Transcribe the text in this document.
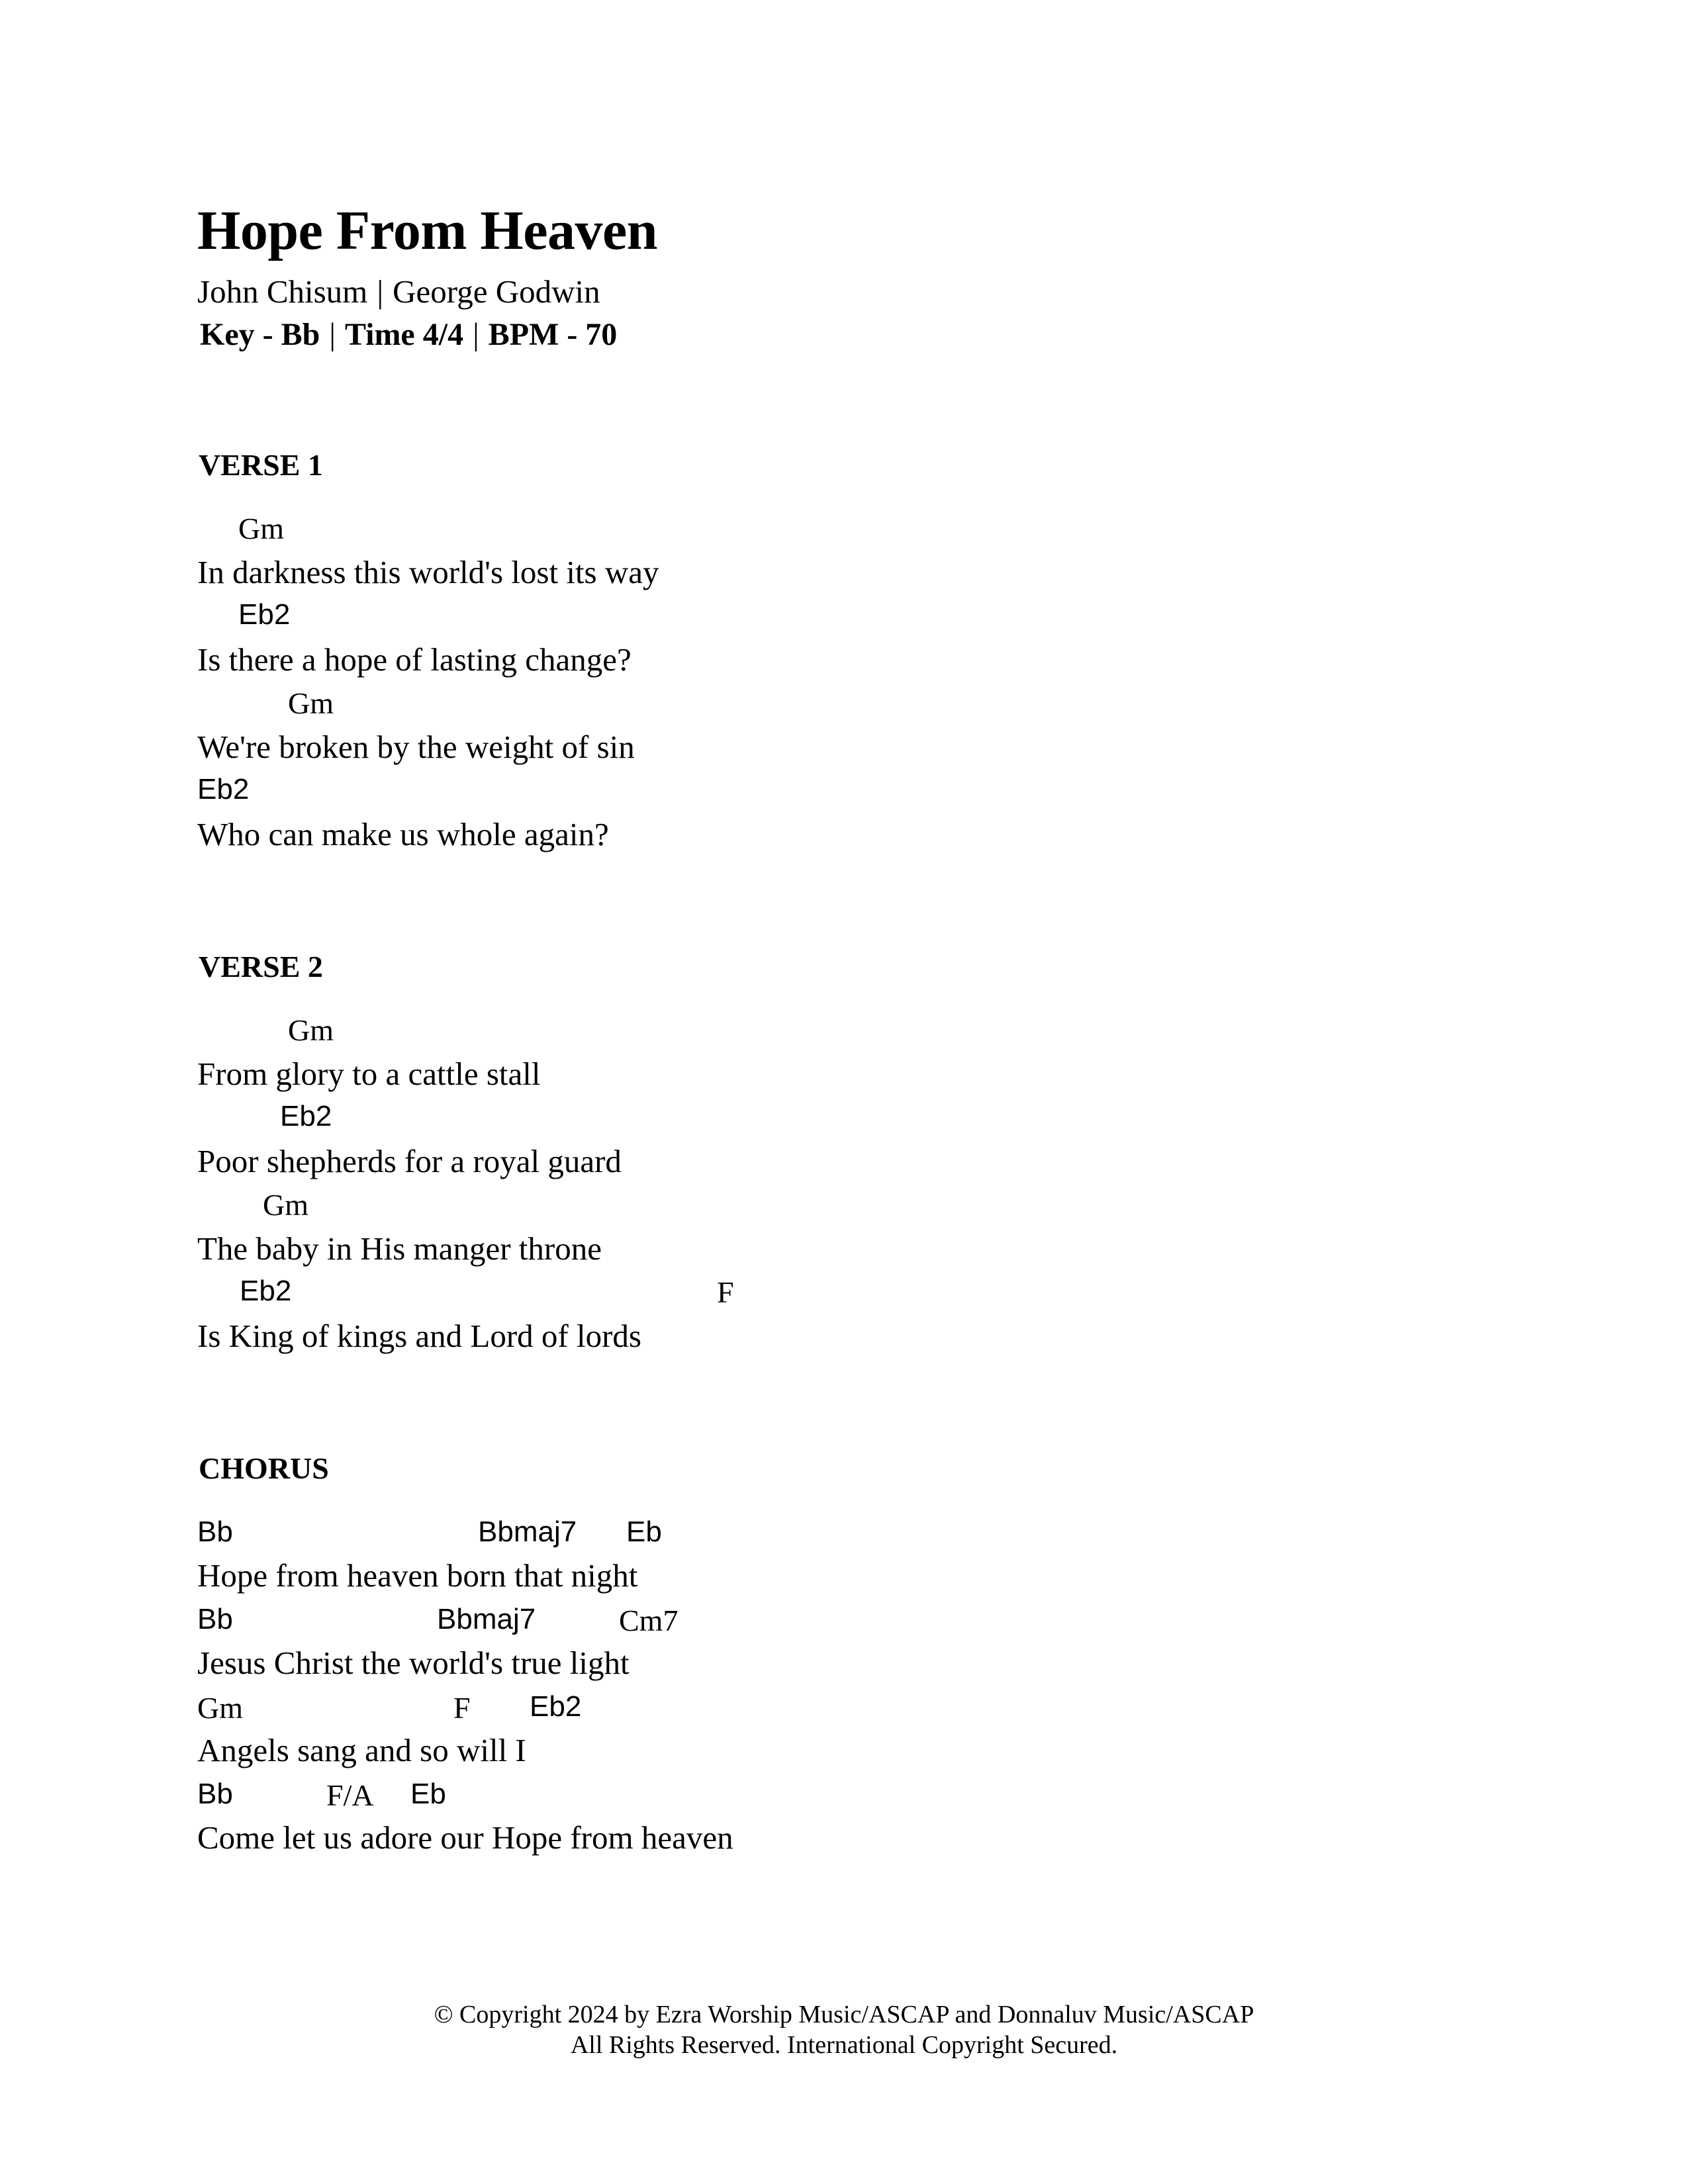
Hope From Heaven
John Chisum | George Godwin
Key - Bb | Time 4/4 | BPM - 70
VERSE 1
Gm
In darkness this world's lost its way
Eb2
Is there a hope of lasting change?
Gm
We're broken by the weight of sin
Eb2
Who can make us whole again?
VERSE 2
Gm
From glory to a cattle stall
Eb2
Poor shepherds for a royal guard
Gm
The baby in His manger throne
Eb2	F
Is King of kings and Lord of lords
CHORUS
Bb	Bbmaj7 Eb
Hope from heaven born that night
Bb	Bbmaj7	Cm7
Jesus Christ the world's true light
Gm	F Eb2
Angels sang and so will I
Bb	F/A Eb
Come let us adore our Hope from heaven
© Copyright 2024 by Ezra Worship Music/ASCAP and Donnaluv Music/ASCAP
All Rights Reserved. International Copyright Secured.
